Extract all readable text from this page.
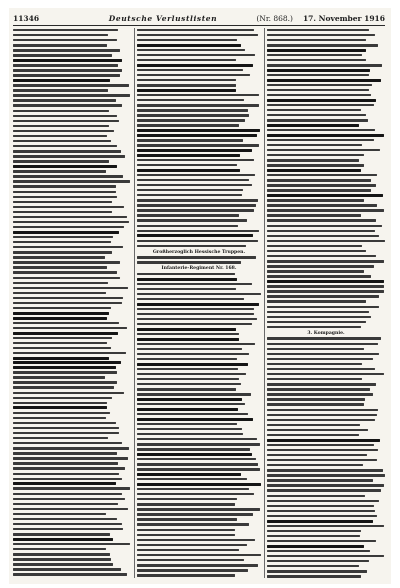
11346	Deutsche Verlustlisten	(Nr. 868.)	17. November 1916
Großherzoglich Hessische Truppen.
Infanterie-Regiment Nr. 168.
3. Kompagnie.
